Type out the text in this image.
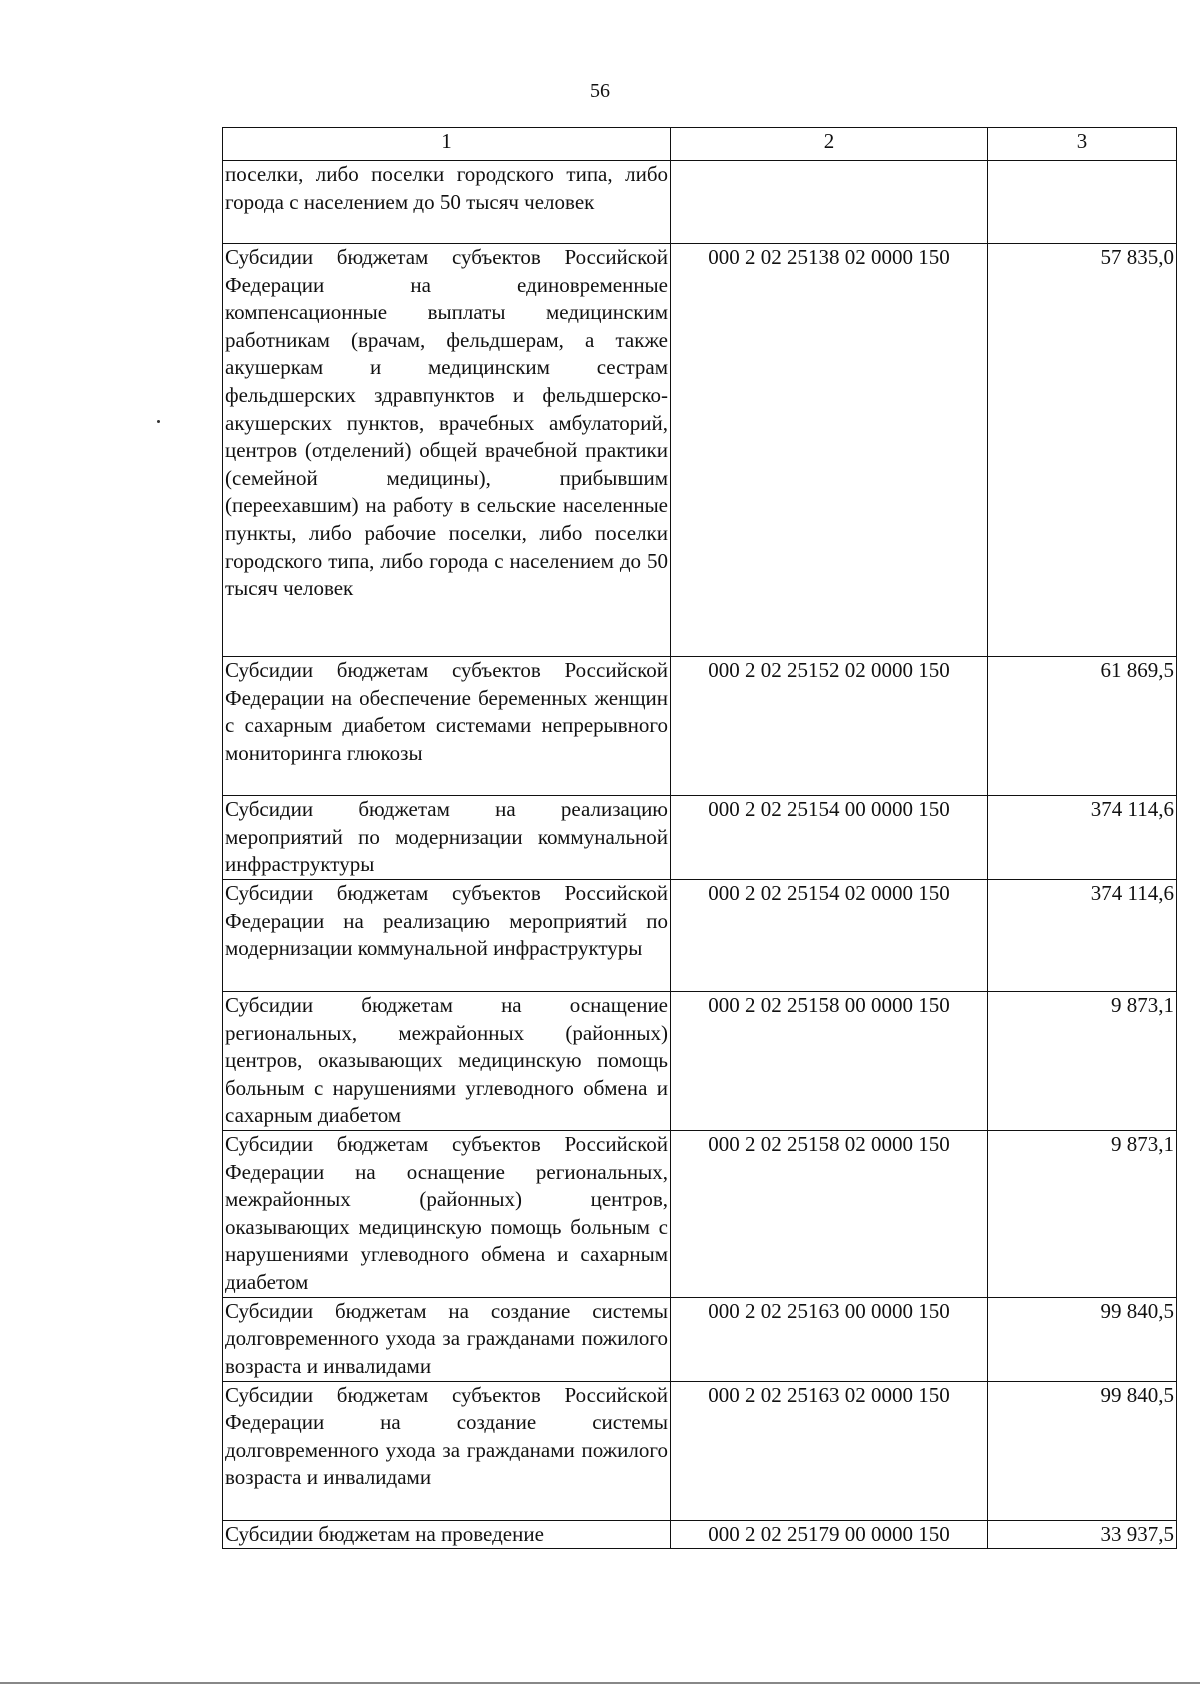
56
1	2	3
поселки, либо поселки городского типа, либо города с населением до 50 тысяч человек		
Субсидии бюджетам субъектов Российской Федерации на единовременные компенсационные выплаты медицинским работникам (врачам, фельдшерам, а также акушеркам и медицинским сестрам фельдшерских здравпунктов и фельдшерско-акушерских пунктов, врачебных амбулаторий, центров (отделений) общей врачебной практики (семейной медицины), прибывшим (переехавшим) на работу в сельские населенные пункты, либо рабочие поселки, либо поселки городского типа, либо города с населением до 50 тысяч человек	000 2 02 25138 02 0000 150	57 835,0
Субсидии бюджетам субъектов Российской Федерации на обеспечение беременных женщин с сахарным диабетом системами непрерывного мониторинга глюкозы	000 2 02 25152 02 0000 150	61 869,5
Субсидии бюджетам на реализацию мероприятий по модернизации коммунальной инфраструктуры	000 2 02 25154 00 0000 150	374 114,6
Субсидии бюджетам субъектов Российской Федерации на реализацию мероприятий по модернизации коммунальной инфраструктуры	000 2 02 25154 02 0000 150	374 114,6
Субсидии бюджетам на оснащение региональных, межрайонных (районных) центров, оказывающих медицинскую помощь больным с нарушениями углеводного обмена и сахарным диабетом	000 2 02 25158 00 0000 150	9 873,1
Субсидии бюджетам субъектов Российской Федерации на оснащение региональных, межрайонных (районных) центров, оказывающих медицинскую помощь больным с нарушениями углеводного обмена и сахарным диабетом	000 2 02 25158 02 0000 150	9 873,1
Субсидии бюджетам на создание системы долговременного ухода за гражданами пожилого возраста и инвалидами	000 2 02 25163 00 0000 150	99 840,5
Субсидии бюджетам субъектов Российской Федерации на создание системы долговременного ухода за гражданами пожилого возраста и инвалидами	000 2 02 25163 02 0000 150	99 840,5
Субсидии бюджетам на проведение	000 2 02 25179 00 0000 150	33 937,5
